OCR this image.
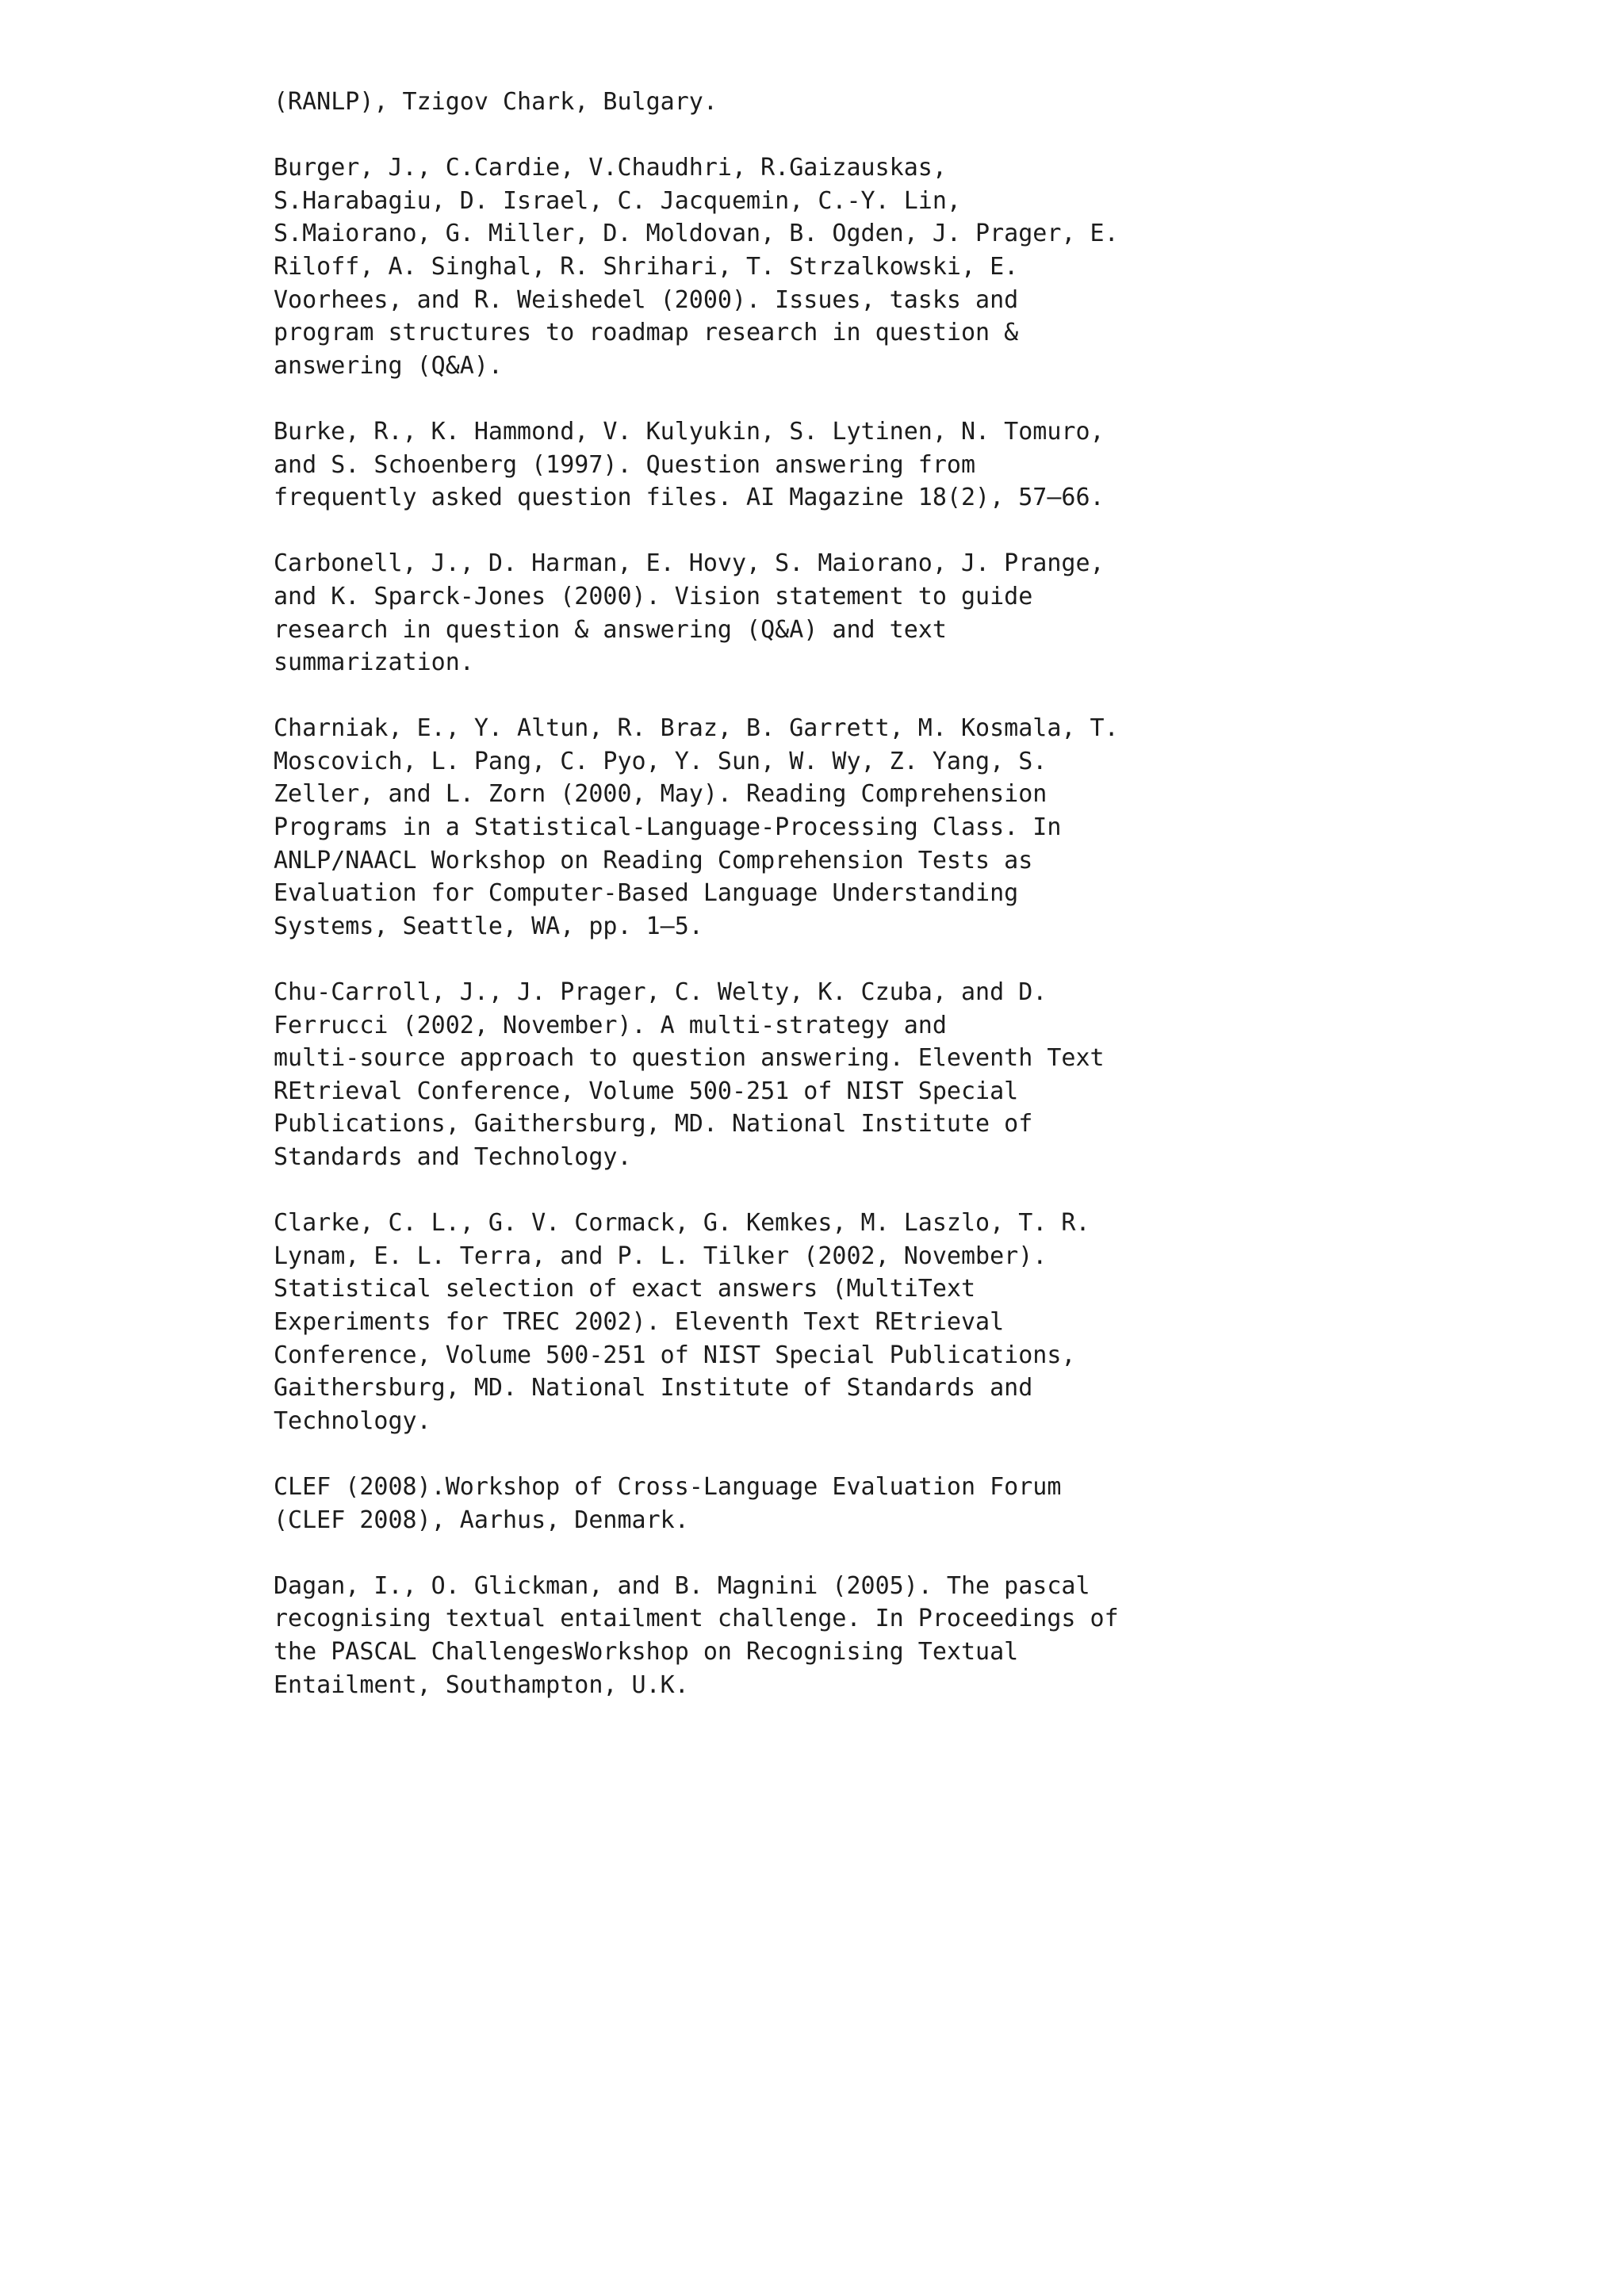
(RANLP), Tzigov Chark, Bulgary.
Burger, J., C.Cardie, V.Chaudhri, R.Gaizauskas,
S.Harabagiu, D. Israel, C. Jacquemin, C.-Y. Lin,
S.Maiorano, G. Miller, D. Moldovan, B. Ogden, J. Prager, E.
Riloff, A. Singhal, R. Shrihari, T. Strzalkowski, E.
Voorhees, and R. Weishedel (2000). Issues, tasks and
program structures to roadmap research in question &
answering (Q&A).
Burke, R., K. Hammond, V. Kulyukin, S. Lytinen, N. Tomuro,
and S. Schoenberg (1997). Question answering from
frequently asked question files. AI Magazine 18(2), 57–66.
Carbonell, J., D. Harman, E. Hovy, S. Maiorano, J. Prange,
and K. Sparck-Jones (2000). Vision statement to guide
research in question & answering (Q&A) and text
summarization.
Charniak, E., Y. Altun, R. Braz, B. Garrett, M. Kosmala, T.
Moscovich, L. Pang, C. Pyo, Y. Sun, W. Wy, Z. Yang, S.
Zeller, and L. Zorn (2000, May). Reading Comprehension
Programs in a Statistical-Language-Processing Class. In
ANLP/NAACL Workshop on Reading Comprehension Tests as
Evaluation for Computer-Based Language Understanding
Systems, Seattle, WA, pp. 1–5.
Chu-Carroll, J., J. Prager, C. Welty, K. Czuba, and D.
Ferrucci (2002, November). A multi-strategy and
multi-source approach to question answering. Eleventh Text
REtrieval Conference, Volume 500-251 of NIST Special
Publications, Gaithersburg, MD. National Institute of
Standards and Technology.
Clarke, C. L., G. V. Cormack, G. Kemkes, M. Laszlo, T. R.
Lynam, E. L. Terra, and P. L. Tilker (2002, November).
Statistical selection of exact answers (MultiText
Experiments for TREC 2002). Eleventh Text REtrieval
Conference, Volume 500-251 of NIST Special Publications,
Gaithersburg, MD. National Institute of Standards and
Technology.
CLEF (2008).Workshop of Cross-Language Evaluation Forum
(CLEF 2008), Aarhus, Denmark.
Dagan, I., O. Glickman, and B. Magnini (2005). The pascal
recognising textual entailment challenge. In Proceedings of
the PASCAL ChallengesWorkshop on Recognising Textual
Entailment, Southampton, U.K.
